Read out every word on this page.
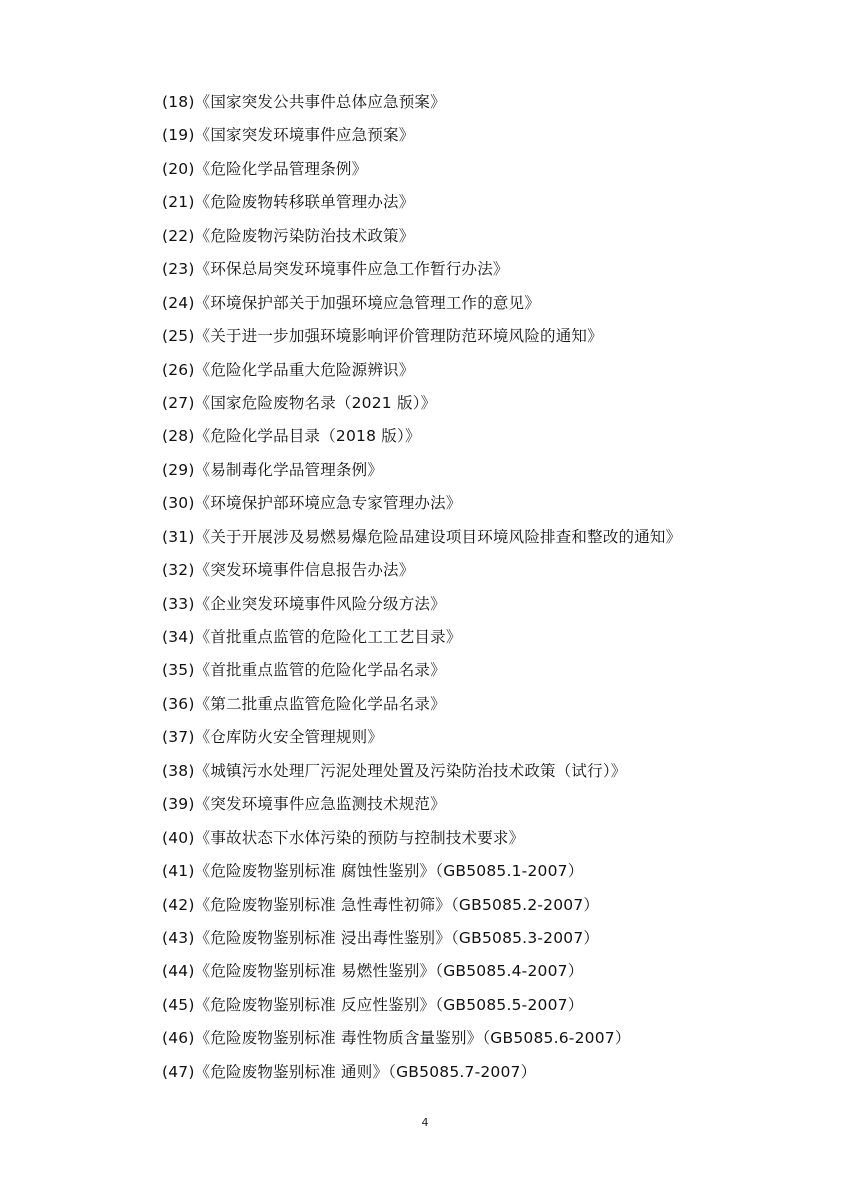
(18)《国家突发公共事件总体应急预案》
(19)《国家突发环境事件应急预案》
(20)《危险化学品管理条例》
(21)《危险废物转移联单管理办法》
(22)《危险废物污染防治技术政策》
(23)《环保总局突发环境事件应急工作暂行办法》
(24)《环境保护部关于加强环境应急管理工作的意见》
(25)《关于进一步加强环境影响评价管理防范环境风险的通知》
(26)《危险化学品重大危险源辨识》
(27)《国家危险废物名录（2021 版）》
(28)《危险化学品目录（2018 版）》
(29)《易制毒化学品管理条例》
(30)《环境保护部环境应急专家管理办法》
(31)《关于开展涉及易燃易爆危险品建设项目环境风险排查和整改的通知》
(32)《突发环境事件信息报告办法》
(33)《企业突发环境事件风险分级方法》
(34)《首批重点监管的危险化工工艺目录》
(35)《首批重点监管的危险化学品名录》
(36)《第二批重点监管危险化学品名录》
(37)《仓库防火安全管理规则》
(38)《城镇污水处理厂污泥处理处置及污染防治技术政策（试行）》
(39)《突发环境事件应急监测技术规范》
(40)《事故状态下水体污染的预防与控制技术要求》
(41)《危险废物鉴别标准 腐蚀性鉴别》（GB5085.1-2007）
(42)《危险废物鉴别标准 急性毒性初筛》（GB5085.2-2007）
(43)《危险废物鉴别标准 浸出毒性鉴别》（GB5085.3-2007）
(44)《危险废物鉴别标准 易燃性鉴别》（GB5085.4-2007）
(45)《危险废物鉴别标准 反应性鉴别》（GB5085.5-2007）
(46)《危险废物鉴别标准 毒性物质含量鉴别》（GB5085.6-2007）
(47)《危险废物鉴别标准 通则》（GB5085.7-2007）
4
